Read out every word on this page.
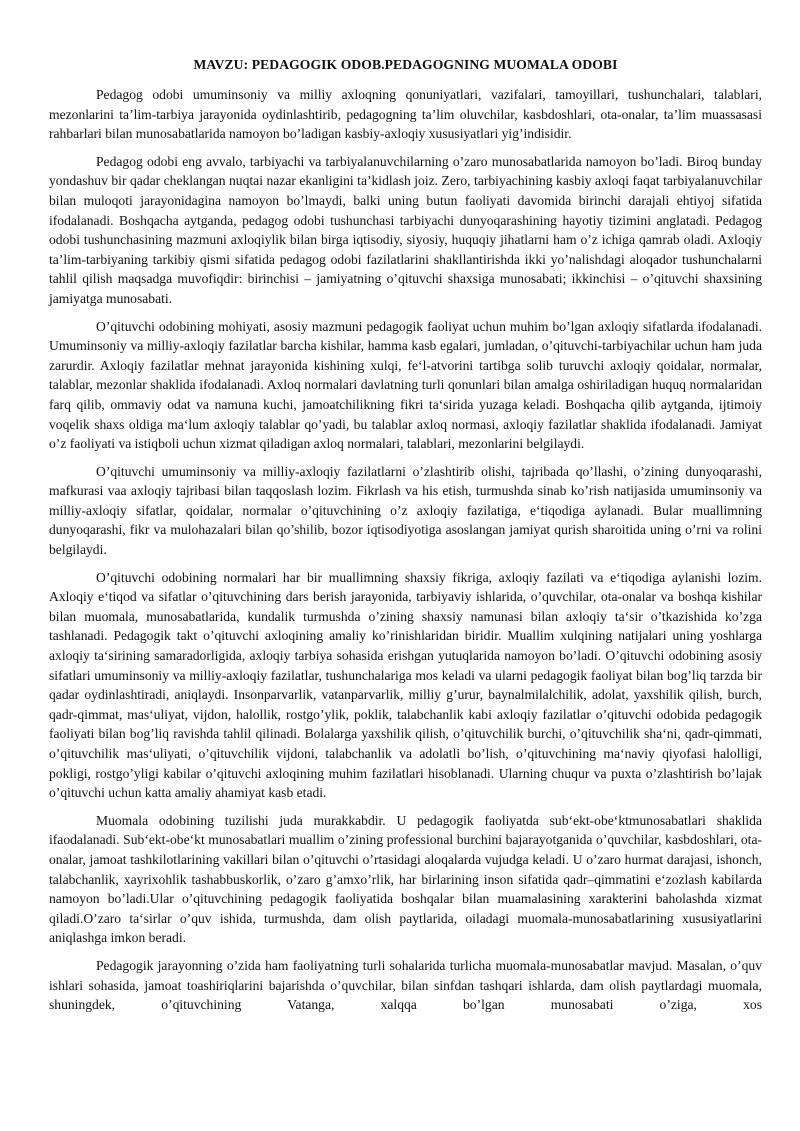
MAVZU: PEDAGOGIK ODOB.PEDAGOGNING MUOMALA ODOBI

Pedagog odobi umuminsoniy va milliy axloqning qonuniyatlari, vazifalari, tamoyillari, tushunchalari, talablari, mezonlarini ta’lim-tarbiya jarayonida oydinlashtirib, pedagogning ta’lim oluvchilar, kasbdoshlari, ota-onalar, ta’lim muassasasi rahbarlari bilan munosabatlarida namoyon bo’ladigan kasbiy-axloqiy xususiyatlari yig’indisidir.

Pedagog odobi eng avvalo, tarbiyachi va tarbiyalanuvchilarning o’zaro munosabatlarida namoyon bo’ladi. Biroq bunday yondashuv bir qadar cheklangan nuqtai nazar ekanligini ta’kidlash joiz. Zero, tarbiyachining kasbiy axloqi faqat tarbiyalanuvchilar bilan muloqoti jarayonidagina namoyon bo’lmaydi, balki uning butun faoliyati davomida birinchi darajali ehtiyoj sifatida ifodalanadi. Boshqacha aytganda, pedagog odobi tushunchasi tarbiyachi dunyoqarashining hayotiy tizimini anglatadi. Pedagog odobi tushunchasining mazmuni axloqiylik bilan birga iqtisodiy, siyosiy, huquqiy jihatlarni ham o’z ichiga qamrab oladi. Axloqiy ta’lim-tarbiyaning tarkibiy qismi sifatida pedagog odobi fazilatlarini shakllantirishda ikki yo’nalishdagi aloqador tushunchalarni tahlil qilish maqsadga muvofiqdir: birinchisi – jamiyatning o’qituvchi shaxsiga munosabati; ikkinchisi – o’qituvchi shaxsining jamiyatga munosabati.

O’qituvchi odobining mohiyati, asosiy mazmuni pedagogik faoliyat uchun muhim bo’lgan axloqiy sifatlarda ifodalanadi. Umuminsoniy va milliy-axloqiy fazilatlar barcha kishilar, hamma kasb egalari, jumladan, o’qituvchi-tarbiyachilar uchun ham juda zarurdir. Axloqiy fazilatlar mehnat jarayonida kishining xulqi, fe‘l-atvorini tartibga solib turuvchi axloqiy qoidalar, normalar, talablar, mezonlar shaklida ifodalanadi. Axloq normalari davlatning turli qonunlari bilan amalga oshiriladigan huquq normalaridan farq qilib, ommaviy odat va namuna kuchi, jamoatchilikning fikri ta‘sirida yuzaga keladi. Boshqacha qilib aytganda, ijtimoiy voqelik shaxs oldiga ma‘lum axloqiy talablar qo’yadi, bu talablar axloq normasi, axloqiy fazilatlar shaklida ifodalanadi. Jamiyat o’z faoliyati va istiqboli uchun xizmat qiladigan axloq normalari, talablari, mezonlarini belgilaydi.

O’qituvchi umuminsoniy va milliy-axloqiy fazilatlarni o’zlashtirib olishi, tajribada qo’llashi, o’zining dunyoqarashi, mafkurasi vaa axloqiy tajribasi bilan taqqoslash lozim. Fikrlash va his etish, turmushda sinab ko’rish natijasida umuminsoniy va milliy-axloqiy sifatlar, qoidalar, normalar o’qituvchining o’z axloqiy fazilatiga, e‘tiqodiga aylanadi. Bular muallimning dunyoqarashi, fikr va mulohazalari bilan qo’shilib, bozor iqtisodiyotiga asoslangan jamiyat qurish sharoitida uning o’rni va rolini belgilaydi.

O’qituvchi odobining normalari har bir muallimning shaxsiy fikriga, axloqiy fazilati va e‘tiqodiga aylanishi lozim. Axloqiy e‘tiqod va sifatlar o’qituvchining dars berish jarayonida, tarbiyaviy ishlarida, o’quvchilar, ota-onalar va boshqa kishilar bilan muomala, munosabatlarida, kundalik turmushda o’zining shaxsiy namunasi bilan axloqiy ta‘sir o’tkazishida ko’zga tashlanadi. Pedagogik takt o’qituvchi axloqining amaliy ko’rinishlaridan biridir. Muallim xulqining natijalari uning yoshlarga axloqiy ta‘sirining samaradorligida, axloqiy tarbiya sohasida erishgan yutuqlarida namoyon bo’ladi. O’qituvchi odobining asosiy sifatlari umuminsoniy va milliy-axloqiy fazilatlar, tushunchalariga mos keladi va ularni pedagogik faoliyat bilan bog’liq tarzda bir qadar oydinlashtiradi, aniqlaydi. Insonparvarlik, vatanparvarlik, milliy g’urur, baynalmilalchilik, adolat, yaxshilik qilish, burch, qadr-qimmat, mas‘uliyat, vijdon, halollik, rostgo’ylik, poklik, talabchanlik kabi axloqiy fazilatlar o’qituvchi odobida pedagogik faoliyati bilan bog’liq ravishda tahlil qilinadi. Bolalarga yaxshilik qilish, o’qituvchilik burchi, o’qituvchilik sha‘ni, qadr-qimmati, o’qituvchilik mas‘uliyati, o’qituvchilik vijdoni, talabchanlik va adolatli bo’lish, o’qituvchining ma‘naviy qiyofasi halolligi, pokligi, rostgo’yligi kabilar o’qituvchi axloqining muhim fazilatlari hisoblanadi. Ularning chuqur va puxta o’zlashtirish bo’lajak o’qituvchi uchun katta amaliy ahamiyat kasb etadi.

Muomala odobining tuzilishi juda murakkabdir. U pedagogik faoliyatda sub‘ekt-obe‘ktmunosabatlari shaklida ifaodalanadi. Sub‘ekt-obe‘kt munosabatlari muallim o’zining professional burchini bajarayotganida o’quvchilar, kasbdoshlari, ota-onalar, jamoat tashkilotlarining vakillari bilan o’qituvchi o’rtasidagi aloqalarda vujudga keladi. U o’zaro hurmat darajasi, ishonch, talabchanlik, xayrixohlik tashabbuskorlik, o’zaro g’amxo’rlik, har birlarining inson sifatida qadr–qimmatini e‘zozlash kabilarda namoyon bo’ladi.Ular o’qituvchining pedagogik faoliyatida boshqalar bilan muamalasining xarakterini baholashda xizmat qiladi.O’zaro ta‘sirlar o’quv ishida, turmushda, dam olish paytlarida, oiladagi muomala-munosabatlarining xususiyatlarini aniqlashga imkon beradi.

Pedagogik jarayonning o’zida ham faoliyatning turli sohalarida turlicha muomala-munosabatlar mavjud. Masalan, o’quv ishlari sohasida, jamoat toashiriqlarini bajarishda o’quvchilar, bilan sinfdan tashqari ishlarda, dam olish paytlardagi muomala, shuningdek, o’qituvchining Vatanga, xalqqa bo’lgan munosabati o’ziga, xos
